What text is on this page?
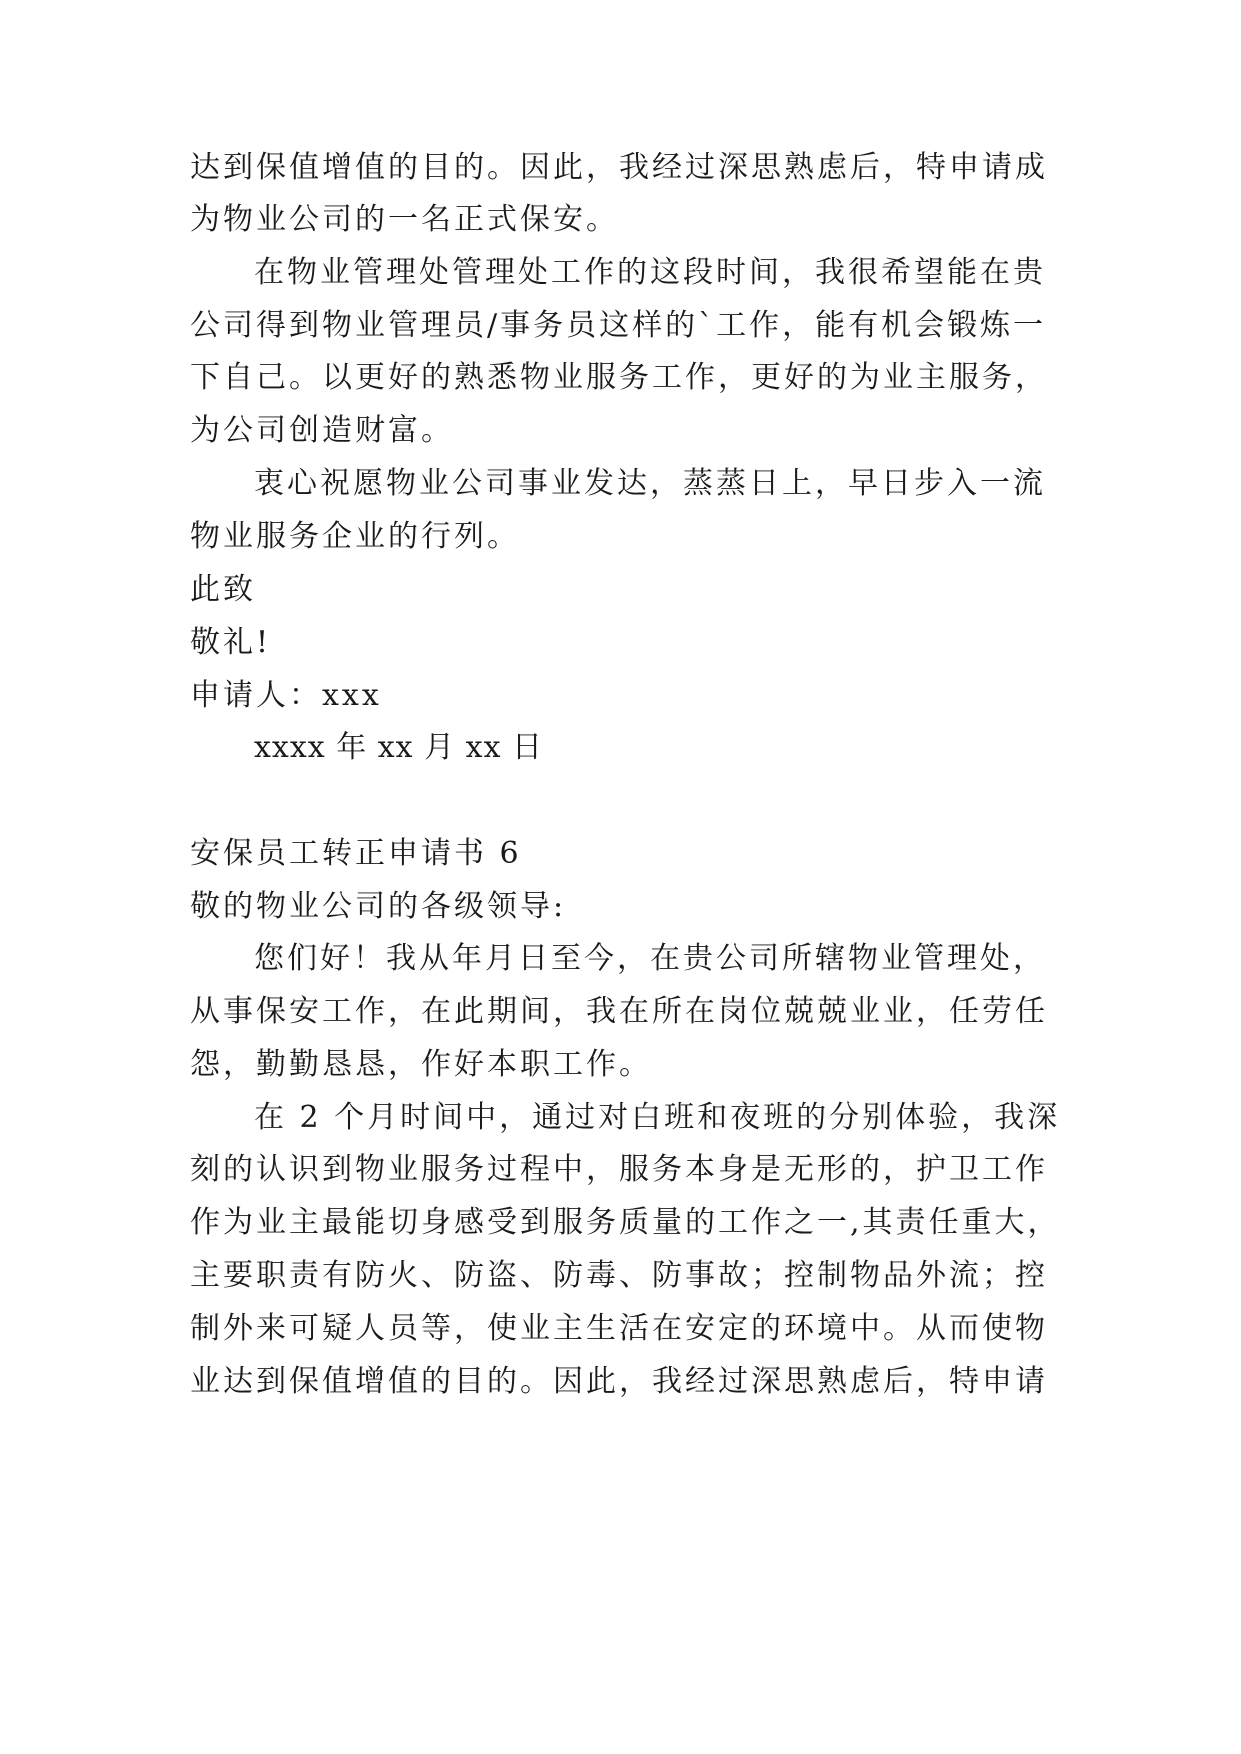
达到保值增值的目的。因此，我经过深思熟虑后，特申请成
为物业公司的一名正式保安。
在物业管理处管理处工作的这段时间，我很希望能在贵
公司得到物业管理员/事务员这样的`工作，能有机会锻炼一
下自己。以更好的熟悉物业服务工作，更好的为业主服务，
为公司创造财富。
衷心祝愿物业公司事业发达，蒸蒸日上，早日步入一流
物业服务企业的行列。
此致
敬礼!
申请人：xxx
xxxx 年 xx 月 xx 日
安保员工转正申请书 6
敬的物业公司的各级领导:
您们好！我从年月日至今，在贵公司所辖物业管理处，
从事保安工作，在此期间，我在所在岗位兢兢业业，任劳任
怨，勤勤恳恳，作好本职工作。
在 2 个月时间中，通过对白班和夜班的分别体验，我深
刻的认识到物业服务过程中，服务本身是无形的，护卫工作
作为业主最能切身感受到服务质量的工作之一,其责任重大，
主要职责有防火、防盗、防毒、防事故；控制物品外流；控
制外来可疑人员等，使业主生活在安定的环境中。从而使物
业达到保值增值的目的。因此，我经过深思熟虑后，特申请
